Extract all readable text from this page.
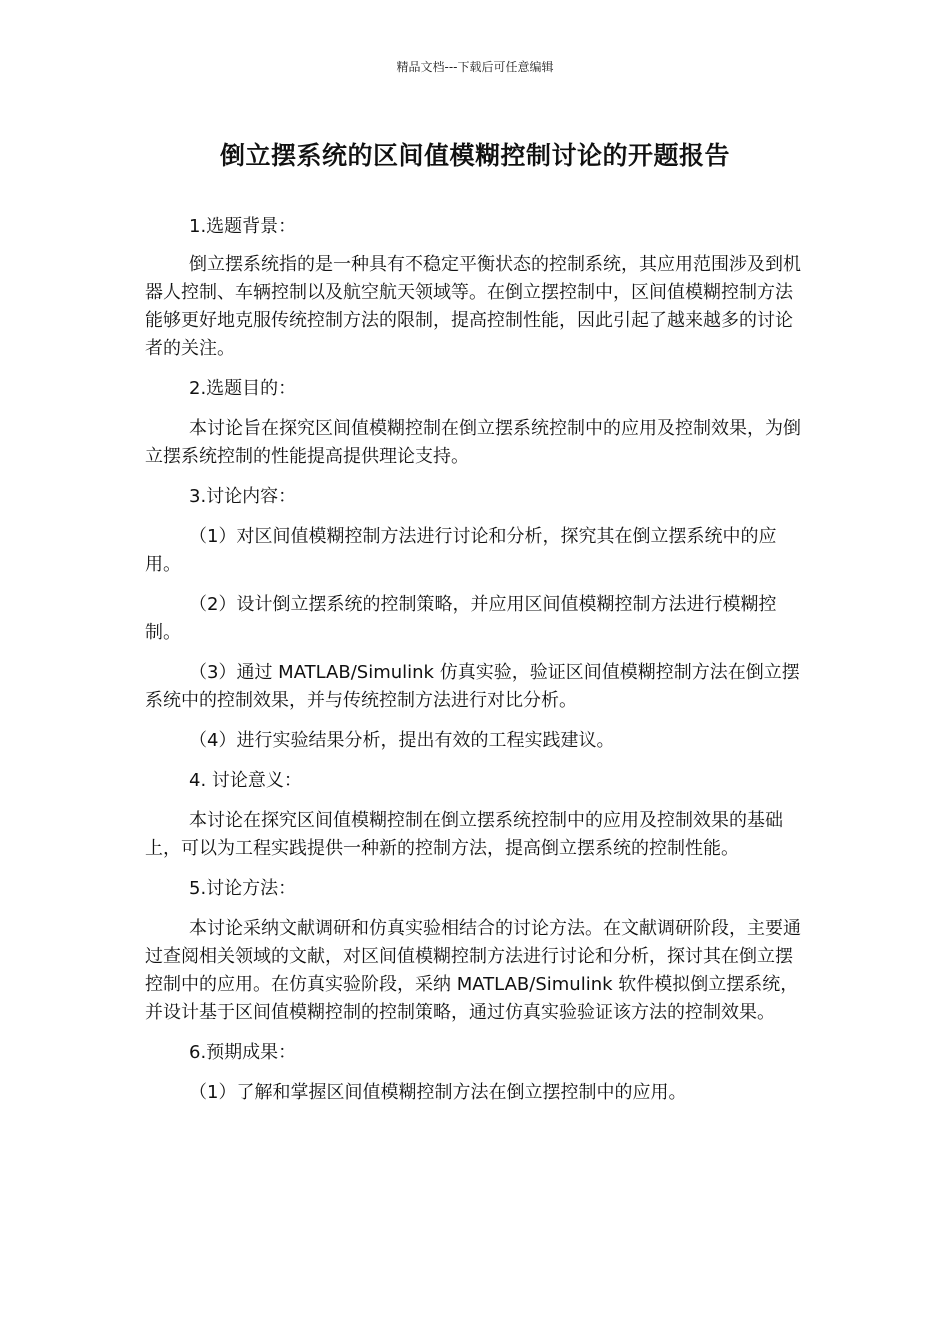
精品文档---下载后可任意编辑
倒立摆系统的区间值模糊控制讨论的开题报告

1.选题背景：

倒立摆系统指的是一种具有不稳定平衡状态的控制系统，其应用范围涉及到机器人控制、车辆控制以及航空航天领域等。在倒立摆控制中，区间值模糊控制方法能够更好地克服传统控制方法的限制，提高控制性能，因此引起了越来越多的讨论者的关注。

2.选题目的：

本讨论旨在探究区间值模糊控制在倒立摆系统控制中的应用及控制效果，为倒立摆系统控制的性能提高提供理论支持。

3.讨论内容：

（1）对区间值模糊控制方法进行讨论和分析，探究其在倒立摆系统中的应用。

（2）设计倒立摆系统的控制策略，并应用区间值模糊控制方法进行模糊控制。

（3）通过 MATLAB/Simulink 仿真实验，验证区间值模糊控制方法在倒立摆系统中的控制效果，并与传统控制方法进行对比分析。

（4）进行实验结果分析，提出有效的工程实践建议。

4. 讨论意义：

本讨论在探究区间值模糊控制在倒立摆系统控制中的应用及控制效果的基础上，可以为工程实践提供一种新的控制方法，提高倒立摆系统的控制性能。

5.讨论方法：

本讨论采纳文献调研和仿真实验相结合的讨论方法。在文献调研阶段，主要通过查阅相关领域的文献，对区间值模糊控制方法进行讨论和分析，探讨其在倒立摆控制中的应用。在仿真实验阶段，采纳 MATLAB/Simulink 软件模拟倒立摆系统，并设计基于区间值模糊控制的控制策略，通过仿真实验验证该方法的控制效果。

6.预期成果：

（1）了解和掌握区间值模糊控制方法在倒立摆控制中的应用。
